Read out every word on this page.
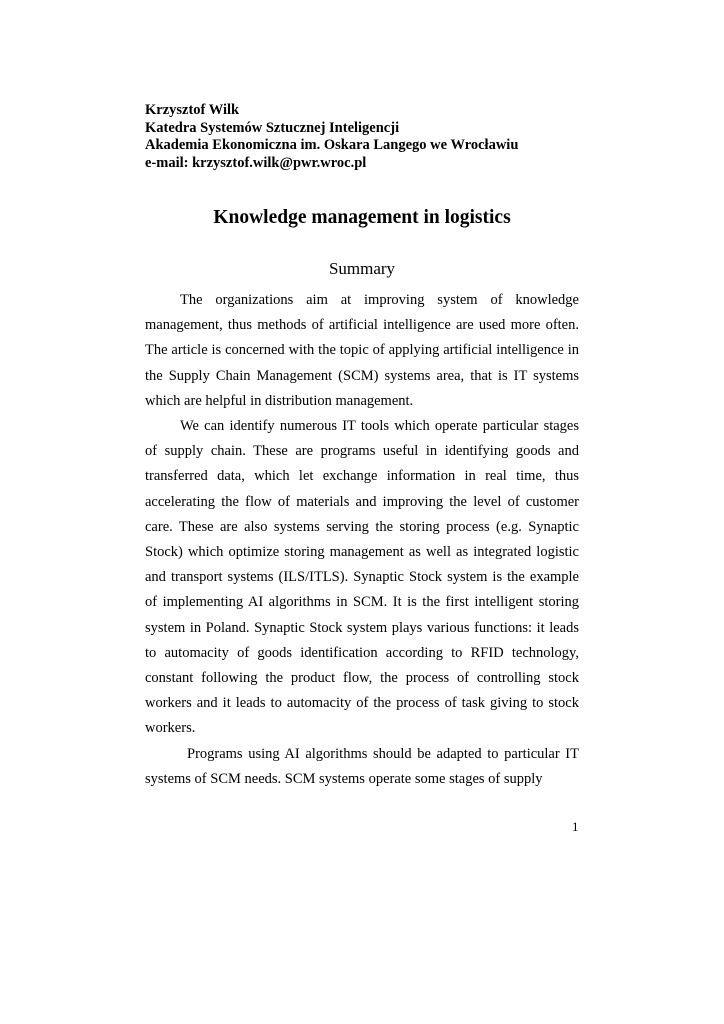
Krzysztof Wilk
Katedra Systemów Sztucznej Inteligencji
Akademia Ekonomiczna im. Oskara Langego we Wrocławiu
e-mail: krzysztof.wilk@pwr.wroc.pl
Knowledge management in logistics
Summary

The organizations aim at improving system of knowledge management, thus methods of artificial intelligence are used more often. The article is concerned with the topic of applying artificial intelligence in the Supply Chain Management (SCM) systems area, that is IT systems which are helpful in distribution management.

We can identify numerous IT tools which operate particular stages of supply chain. These are programs useful in identifying goods and transferred data, which let exchange information in real time, thus accelerating the flow of materials and improving the level of customer care. These are also systems serving the storing process (e.g. Synaptic Stock) which optimize storing management as well as integrated logistic and transport systems (ILS/ITLS). Synaptic Stock system is the example of implementing AI algorithms in SCM. It is the first intelligent storing system in Poland. Synaptic Stock system plays various functions: it leads to automacity of goods identification according to RFID technology, constant following the product flow, the process of controlling stock workers and it leads to automacity of the process of task giving to stock workers.

Programs using AI algorithms should be adapted to particular IT systems of SCM needs. SCM systems operate some stages of supply

1
